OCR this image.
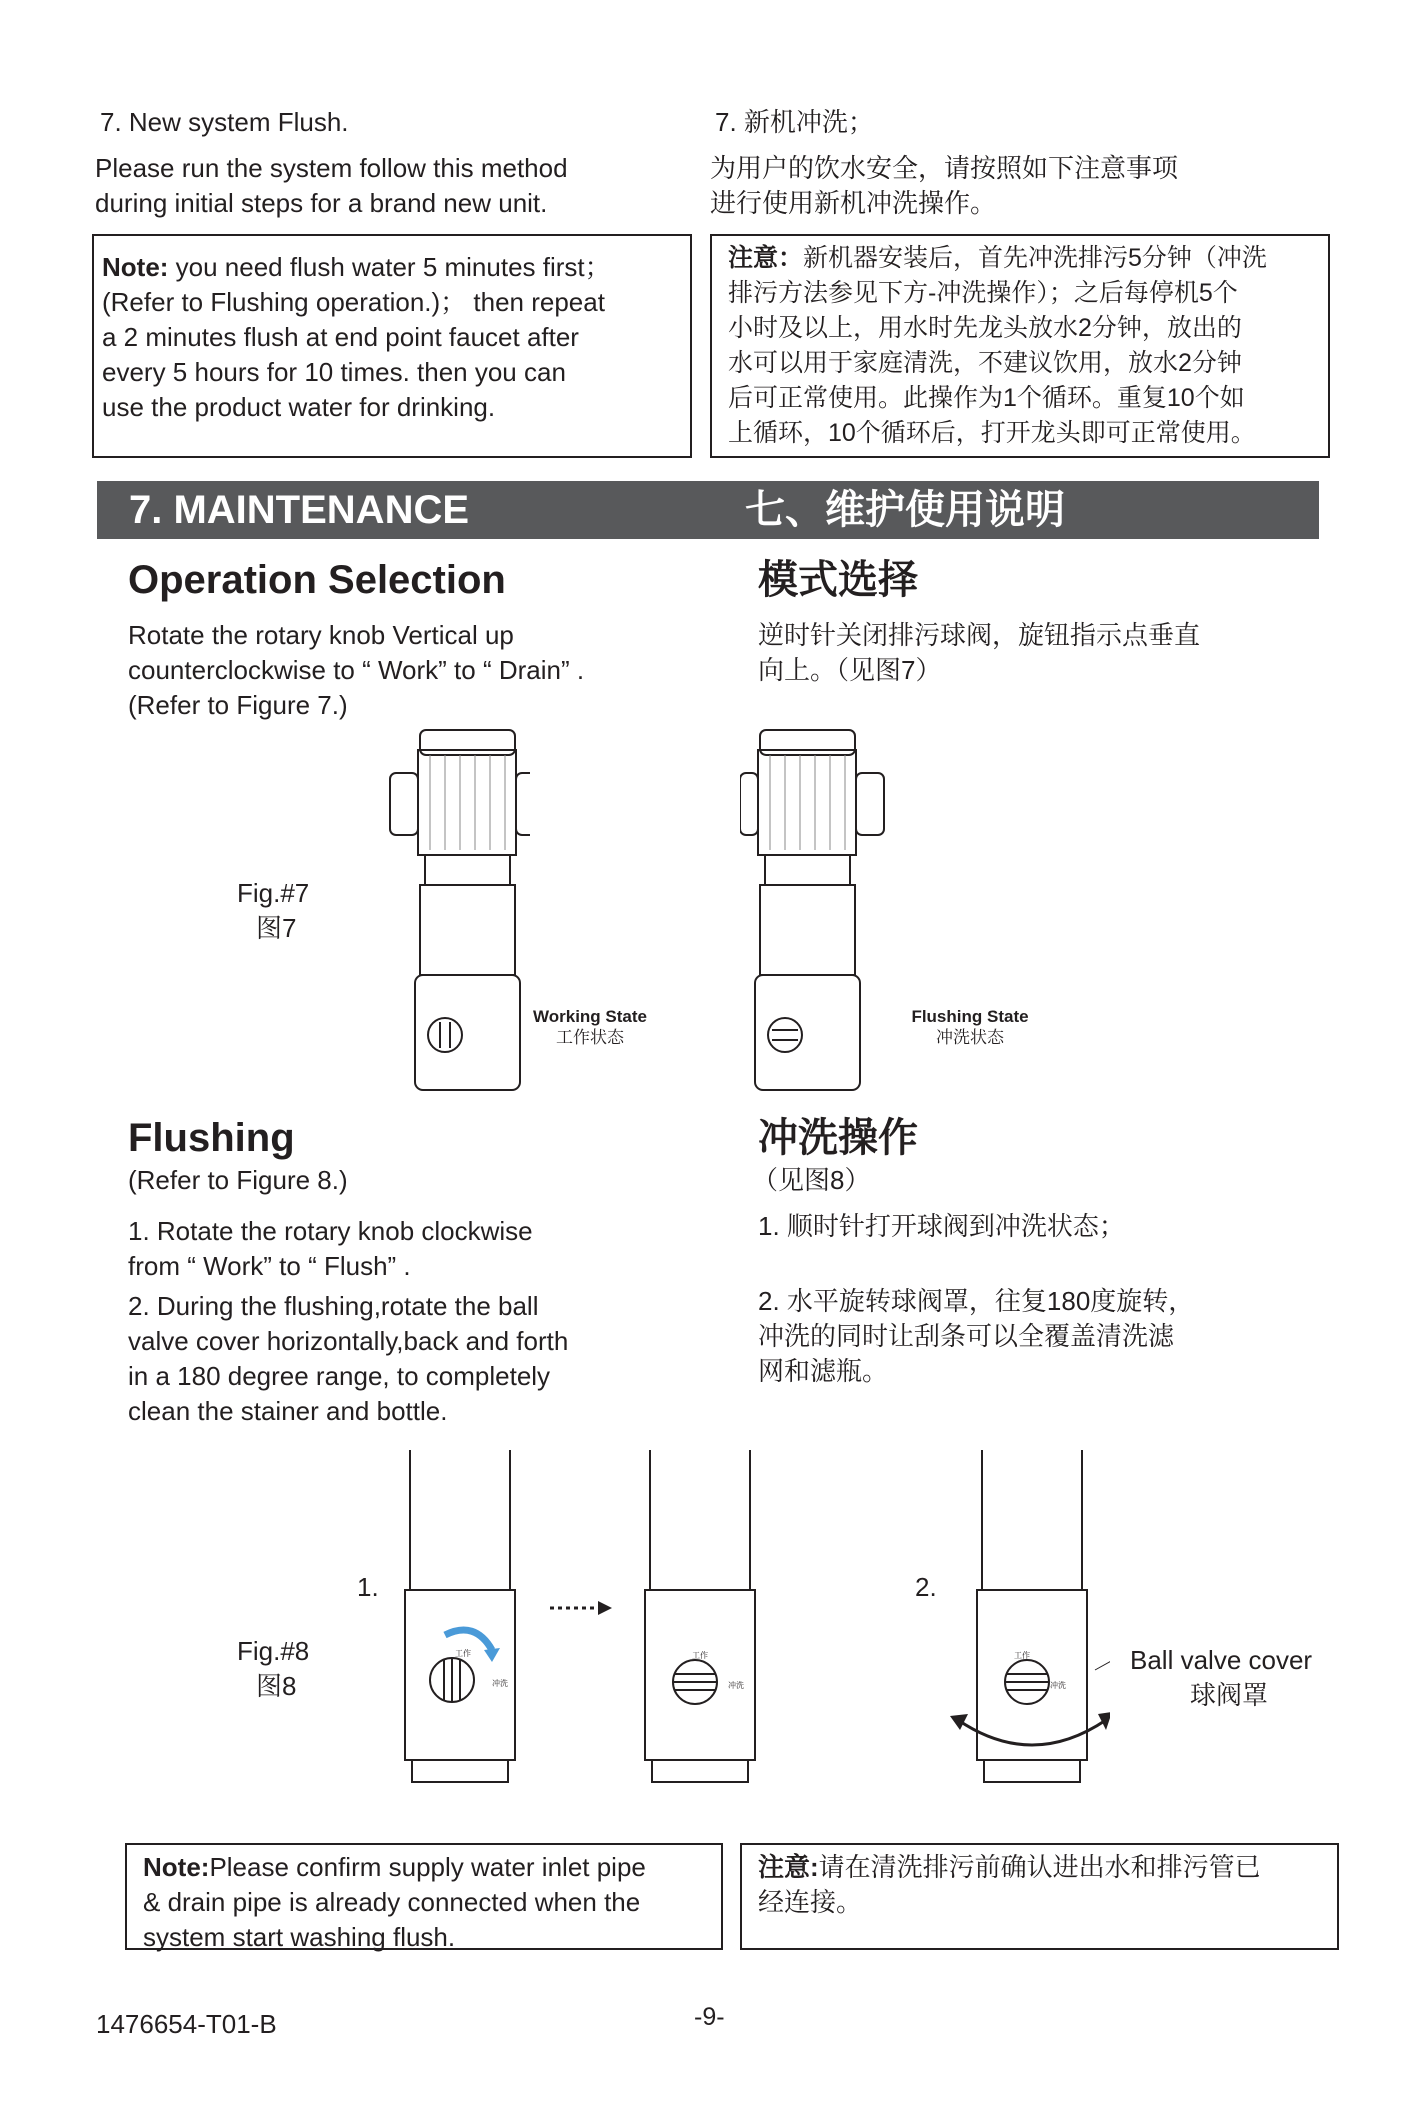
7. New system Flush.
Please run the system follow this method
during initial steps for a brand new unit.
7. 新机冲洗；
为用户的饮水安全，请按照如下注意事项
进行使用新机冲洗操作。
Note: you need flush water 5 minutes first；
(Refer to Flushing operation.)； then repeat
a 2 minutes flush at end point faucet after
every 5 hours for 10 times. then you can
use the product water for drinking.
注意：新机器安装后，首先冲洗排污5分钟（冲洗
排污方法参见下方-冲洗操作）；之后每停机5个
小时及以上，用水时先龙头放水2分钟，放出的
水可以用于家庭清洗，不建议饮用，放水2分钟
后可正常使用。此操作为1个循环。重复10个如
上循环，10个循环后，打开龙头即可正常使用。
7. MAINTENANCE	七、维护使用说明
Operation Selection
Rotate the rotary knob Vertical up
counterclockwise to “ Work” to “ Drain” .
(Refer to Figure 7.)
模式选择
逆时针关闭排污球阀，旋钮指示点垂直
向上。（见图7）
Fig.#7
图7
Working State
工作状态
Flushing State
冲洗状态
Flushing
(Refer to Figure 8.)
1. Rotate the rotary knob clockwise
from “ Work” to “ Flush” .
2. During the flushing,rotate the ball
valve cover horizontally,back and forth
in a 180 degree range, to completely
clean the stainer and bottle.
冲洗操作
（见图8）
1. 顺时针打开球阀到冲洗状态；
2. 水平旋转球阀罩，往复180度旋转，
冲洗的同时让刮条可以全覆盖清洗滤
网和滤瓶。
Fig.#8
图8
1.	2.
工作
冲洗
工作
冲洗
工作
冲洗
Ball valve cover
球阀罩
Note:Please confirm supply water inlet pipe
& drain pipe is already connected when the
system start washing flush.
注意:请在清洗排污前确认进出水和排污管已
经连接。
1476654-T01-B	-9-
